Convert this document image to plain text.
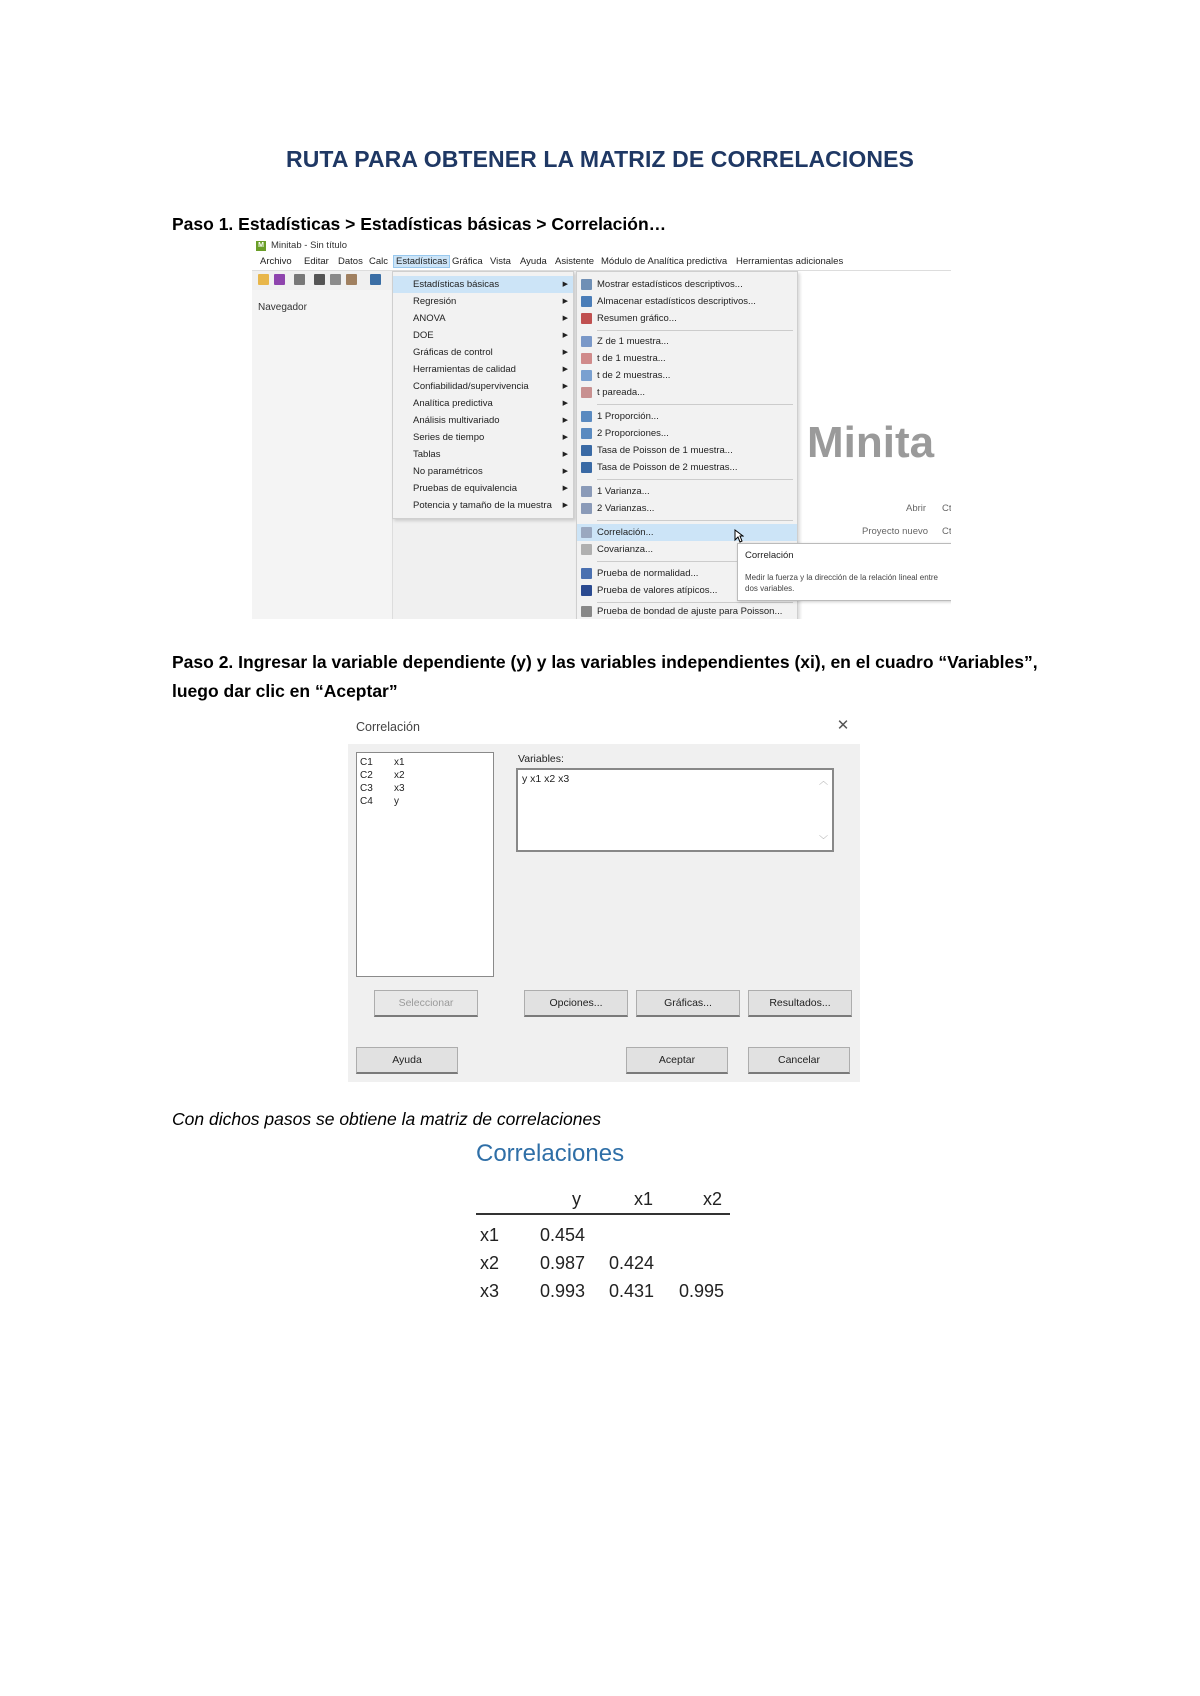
RUTA PARA OBTENER LA MATRIZ DE CORRELACIONES
Paso 1. Estadísticas > Estadísticas básicas > Correlación…
M Minitab - Sin título
Archivo Editar Datos Calc Estadísticas Gráfica Vista Ayuda Asistente Módulo de Analítica predictiva Herramientas adicionales
Navegador
Minita
Abrir
Proyecto nuevo
Ct
Ct
Estadísticas básicas	▶
Regresión	▶
ANOVA	▶
DOE	▶
Gráficas de control	▶
Herramientas de calidad	▶
Confiabilidad/supervivencia	▶
Analítica predictiva	▶
Análisis multivariado	▶
Series de tiempo	▶
Tablas	▶
No paramétricos	▶
Pruebas de equivalencia	▶
Potencia y tamaño de la muestra ▶
Mostrar estadísticos descriptivos...
Almacenar estadísticos descriptivos...
Resumen gráfico...
Z de 1 muestra...
t de 1 muestra...
t de 2 muestras...
t pareada...
1 Proporción...
2 Proporciones...
Tasa de Poisson de 1 muestra...
Tasa de Poisson de 2 muestras...
1 Varianza...
2 Varianzas...
Correlación...
Covarianza...
Prueba de normalidad...
Prueba de valores atípicos...
Prueba de bondad de ajuste para Poisson...
Correlación
Medir la fuerza y la dirección de la relación lineal entre dos variables.
Paso 2. Ingresar la variable dependiente (y) y las variables independientes (xi), en el cuadro “Variables”, luego dar clic en “Aceptar”
Correlación	✕
C1	x1
C2	x2
C3	x3
C4	y
Variables:
y x1 x2 x3	︿
﹀
Seleccionar	Opciones...	Gráficas...	Resultados...
Ayuda	Aceptar	Cancelar
Con dichos pasos se obtiene la matriz de correlaciones
Correlaciones
y	x1	x2
x1 0.454
x2 0.987 0.424
x3 0.993 0.431 0.995
